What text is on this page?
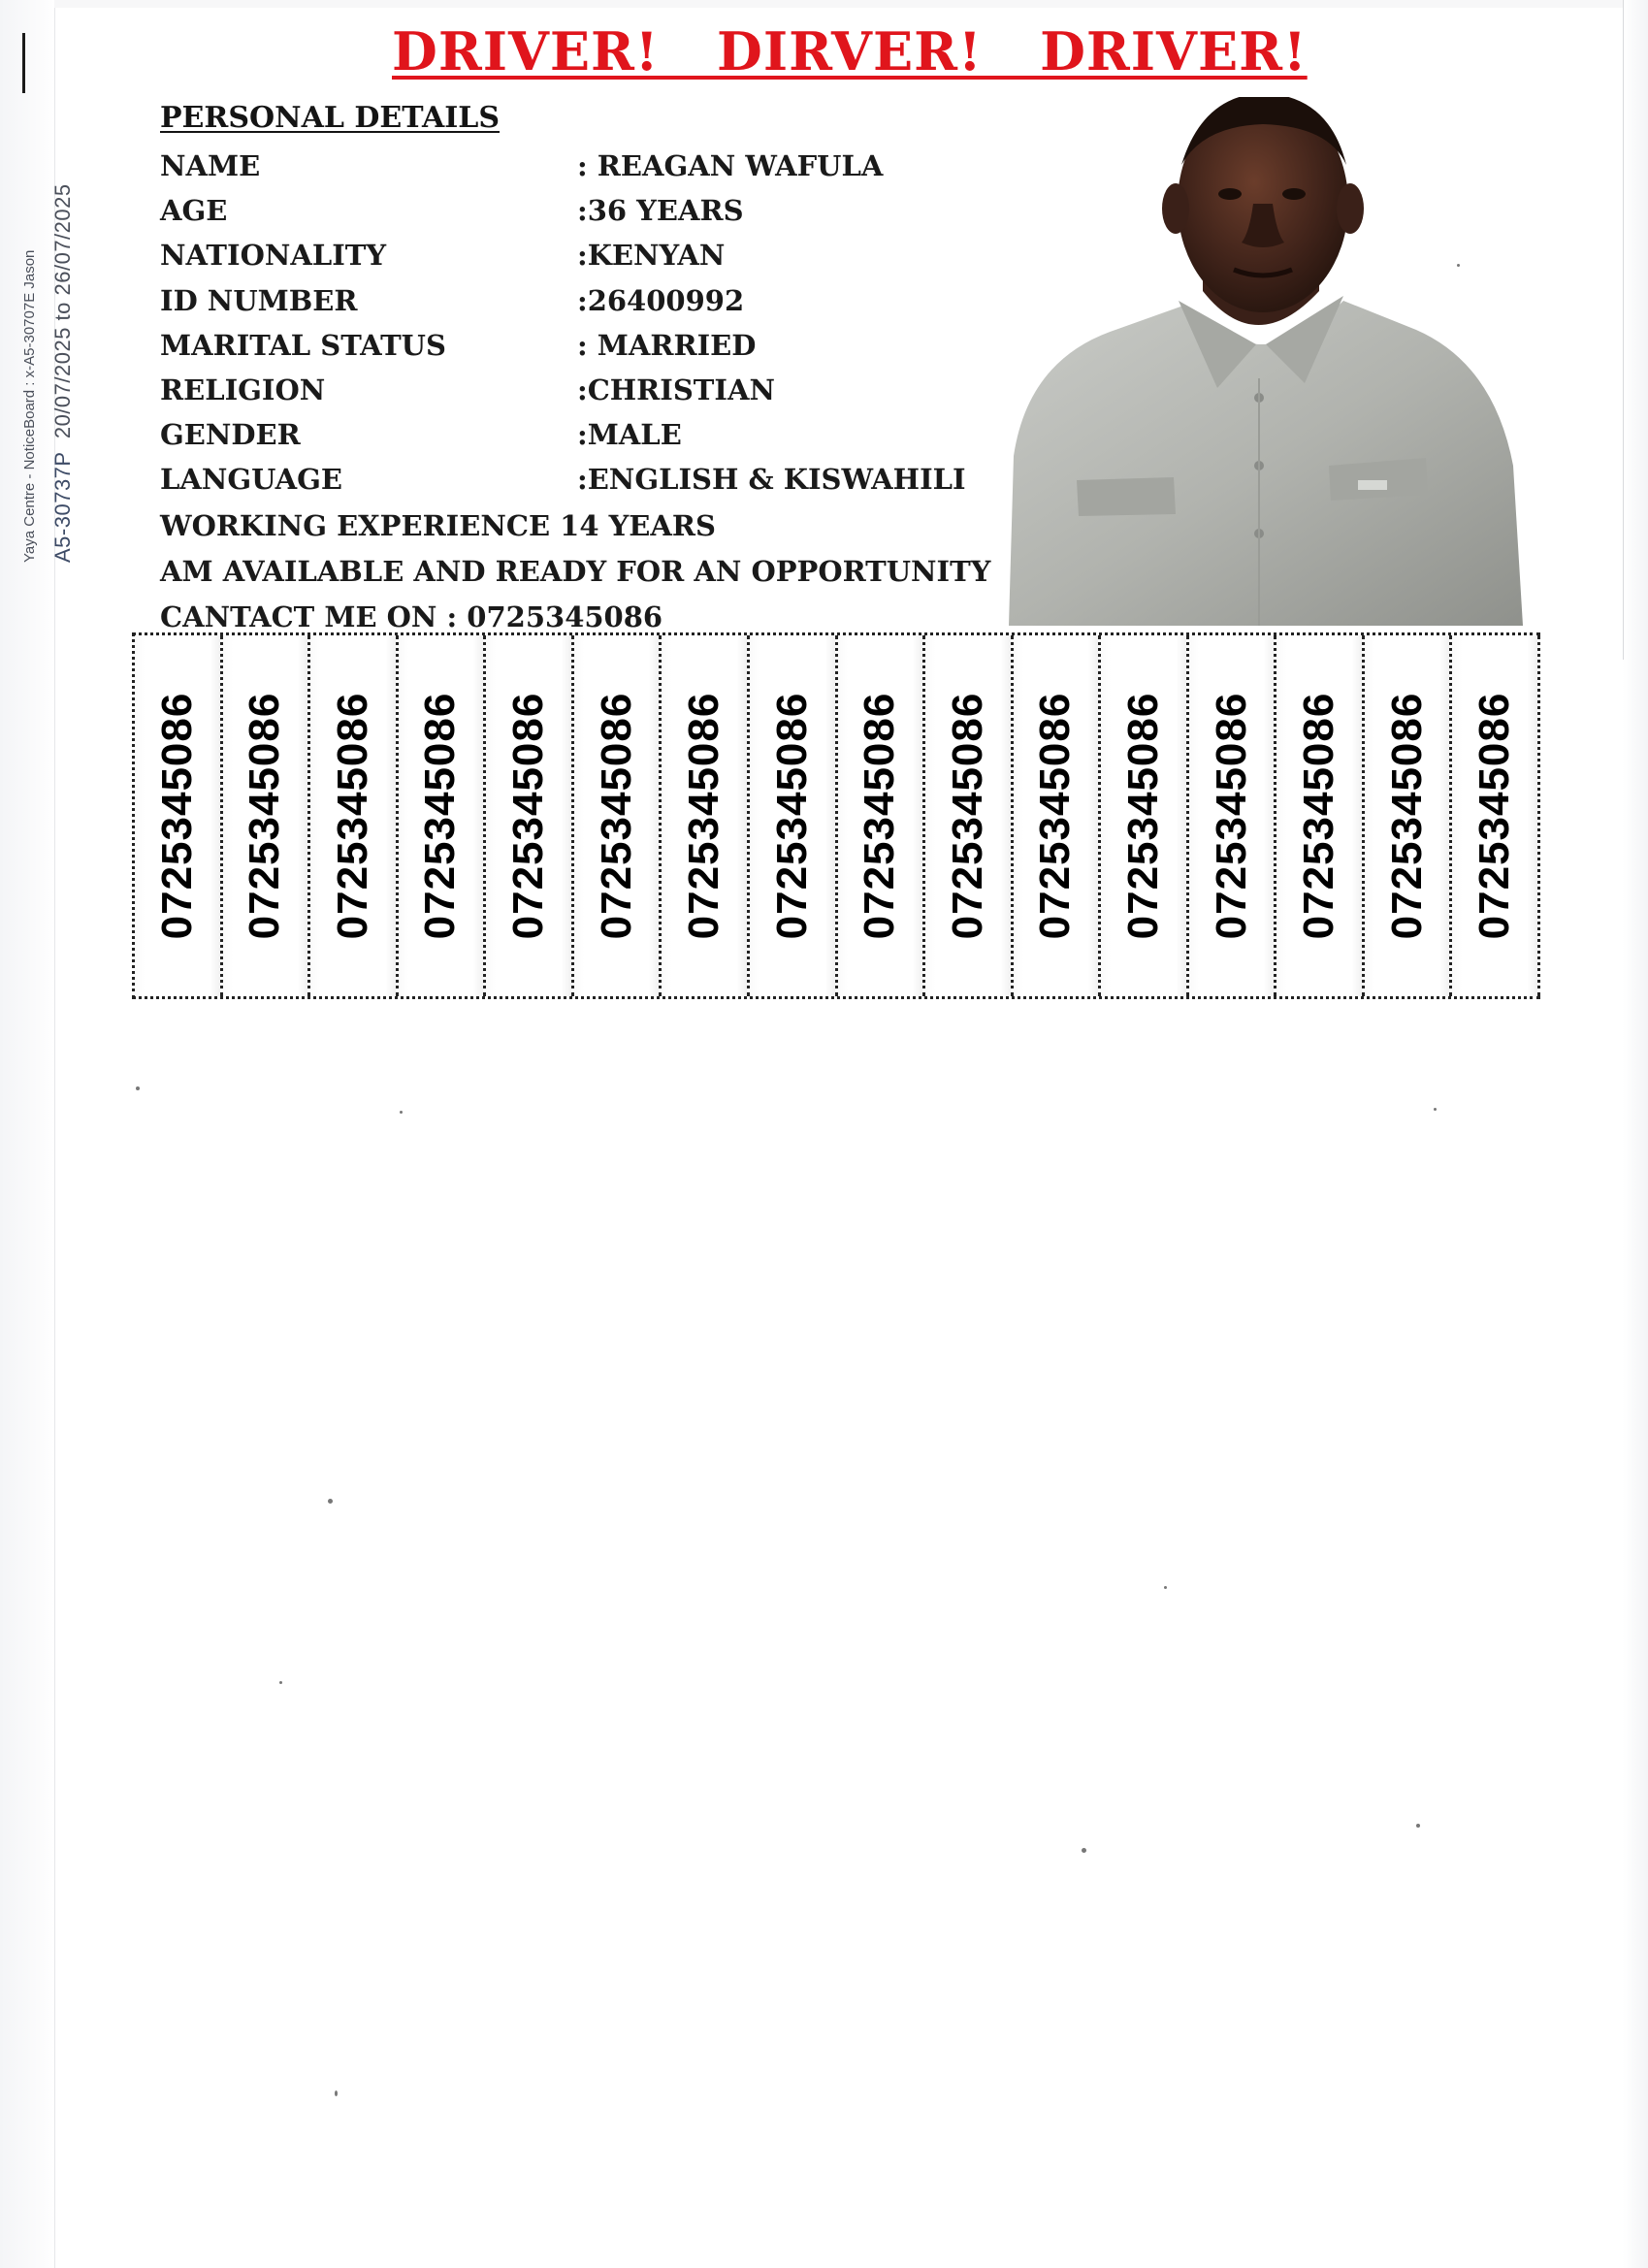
Yaya Centre - NoticeBoard : x-A5-30707E Jason A5-30737P  20/07/2025 to 26/07/2025
DRIVER!   DIRVER!   DRIVER!
PERSONAL DETAILS
NAME	: REAGAN WAFULA
AGE	:36 YEARS
NATIONALITY	:KENYAN
ID NUMBER	:26400992
MARITAL STATUS	: MARRIED
RELIGION	:CHRISTIAN
GENDER	:MALE
LANGUAGE	:ENGLISH & KISWAHILI
WORKING EXPERIENCE 14 YEARS
AM AVAILABLE AND READY FOR AN OPPORTUNITY
CANTACT ME ON : 0725345086
0725345086 0725345086 0725345086 0725345086 0725345086 0725345086 0725345086 0725345086 0725345086 0725345086 0725345086 0725345086 0725345086 0725345086 0725345086 0725345086
